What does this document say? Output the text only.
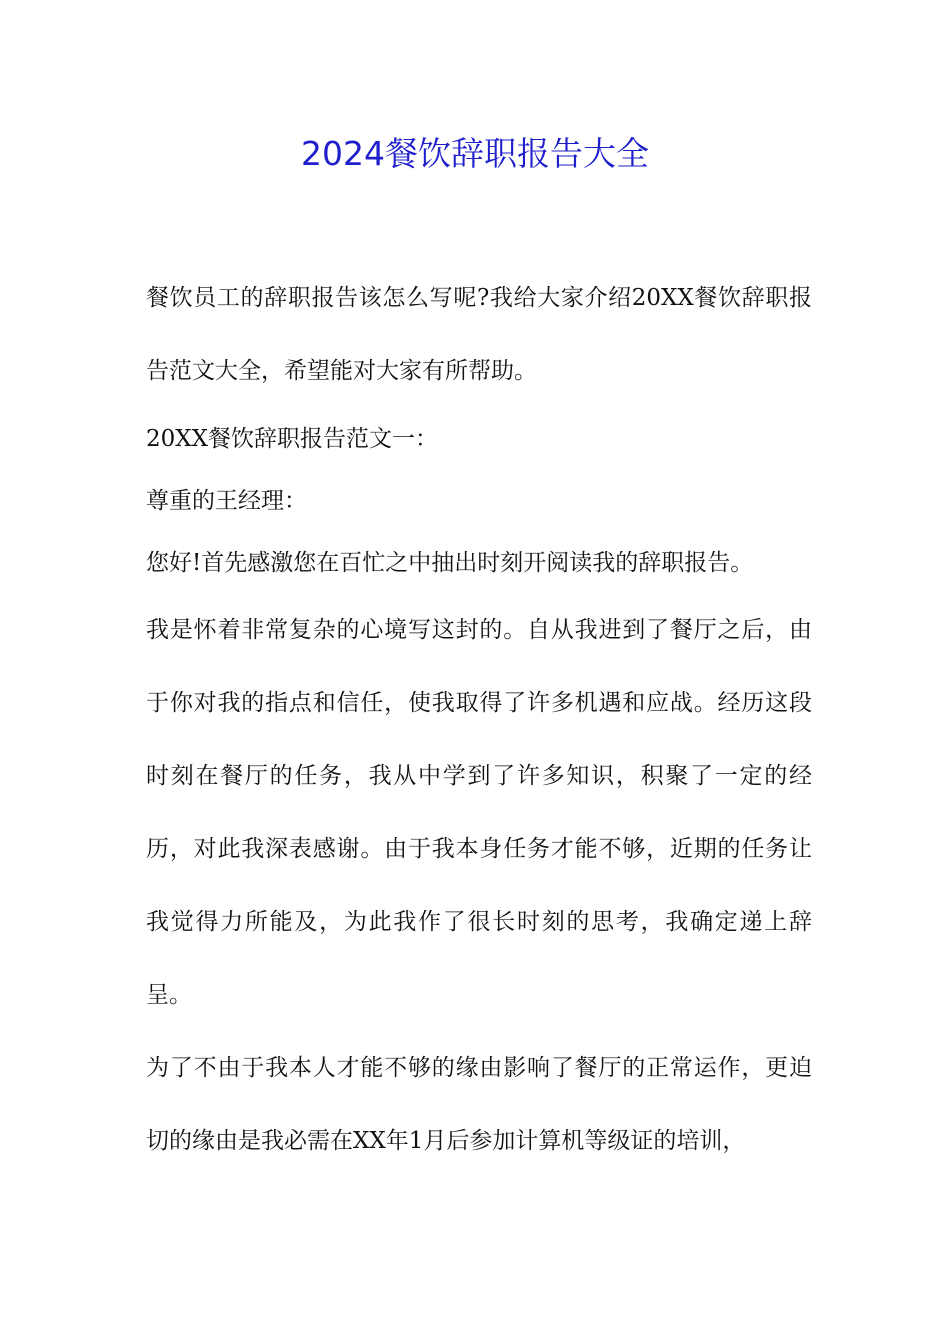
2024餐饮辞职报告大全

餐饮员工的辞职报告该怎么写呢?我给大家介绍20XX餐饮辞职报告范文大全，希望能对大家有所帮助。

20XX餐饮辞职报告范文一：

尊重的王经理：

您好!首先感激您在百忙之中抽出时刻开阅读我的辞职报告。

我是怀着非常复杂的心境写这封的。自从我进到了餐厅之后，由于你对我的指点和信任，使我取得了许多机遇和应战。经历这段时刻在餐厅的任务，我从中学到了许多知识，积聚了一定的经历，对此我深表感谢。由于我本身任务才能不够，近期的任务让我觉得力所能及，为此我作了很长时刻的思考，我确定递上辞呈。

为了不由于我本人才能不够的缘由影响了餐厅的正常运作，更迫切的缘由是我必需在XX年1月后参加计算机等级证的培训，
